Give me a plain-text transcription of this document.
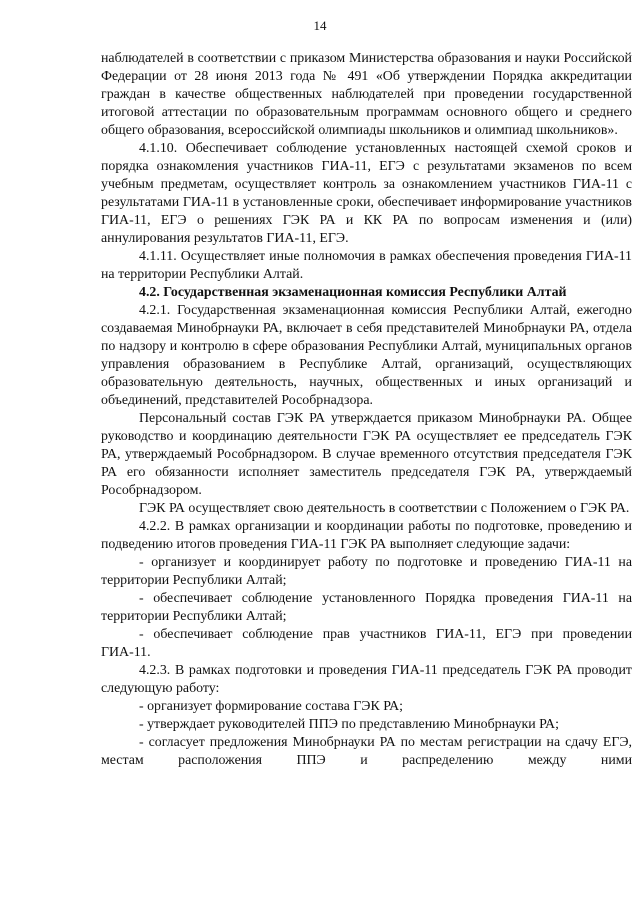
14

наблюдателей в соответствии с приказом Министерства образования и науки Российской Федерации от 28 июня 2013 года № 491 «Об утверждении Порядка аккредитации граждан в качестве общественных наблюдателей при проведении государственной итоговой аттестации по образовательным программам основного общего и среднего общего образования, всероссийской олимпиады школьников и олимпиад школьников».

4.1.10. Обеспечивает соблюдение установленных настоящей схемой сроков и порядка ознакомления участников ГИА-11, ЕГЭ с результатами экзаменов по всем учебным предметам, осуществляет контроль за ознакомлением участников ГИА-11 с результатами ГИА-11 в установленные сроки, обеспечивает информирование участников ГИА-11, ЕГЭ о решениях ГЭК РА и КК РА по вопросам изменения и (или) аннулирования результатов ГИА-11, ЕГЭ.

4.1.11. Осуществляет иные полномочия в рамках обеспечения проведения ГИА-11 на территории Республики Алтай.

4.2. Государственная экзаменационная комиссия Республики Алтай

4.2.1. Государственная экзаменационная комиссия Республики Алтай, ежегодно создаваемая Минобрнауки РА, включает в себя представителей Минобрнауки РА, отдела по надзору и контролю в сфере образования Республики Алтай, муниципальных органов управления образованием в Республике Алтай, организаций, осуществляющих образовательную деятельность, научных, общественных и иных организаций и объединений, представителей Рособрнадзора.

Персональный состав ГЭК РА утверждается приказом Минобрнауки РА. Общее руководство и координацию деятельности ГЭК РА осуществляет ее председатель ГЭК РА, утверждаемый Рособрнадзором. В случае временного отсутствия председателя ГЭК РА его обязанности исполняет заместитель председателя ГЭК РА, утверждаемый Рособрнадзором.

ГЭК РА осуществляет свою деятельность в соответствии с Положением о ГЭК РА.

4.2.2. В рамках организации и координации работы по подготовке, проведению и подведению итогов проведения ГИА-11 ГЭК РА выполняет следующие задачи:

- организует и координирует работу по подготовке и проведению ГИА-11 на территории Республики Алтай;

- обеспечивает соблюдение установленного Порядка проведения ГИА-11 на территории Республики Алтай;

- обеспечивает соблюдение прав участников ГИА-11, ЕГЭ при проведении ГИА-11.

4.2.3. В рамках подготовки и проведения ГИА-11 председатель ГЭК РА проводит следующую работу:

- организует формирование состава ГЭК РА;

- утверждает руководителей ППЭ по представлению Минобрнауки РА;

- согласует предложения Минобрнауки РА по местам регистрации на сдачу ЕГЭ, местам расположения ППЭ и распределению между ними
